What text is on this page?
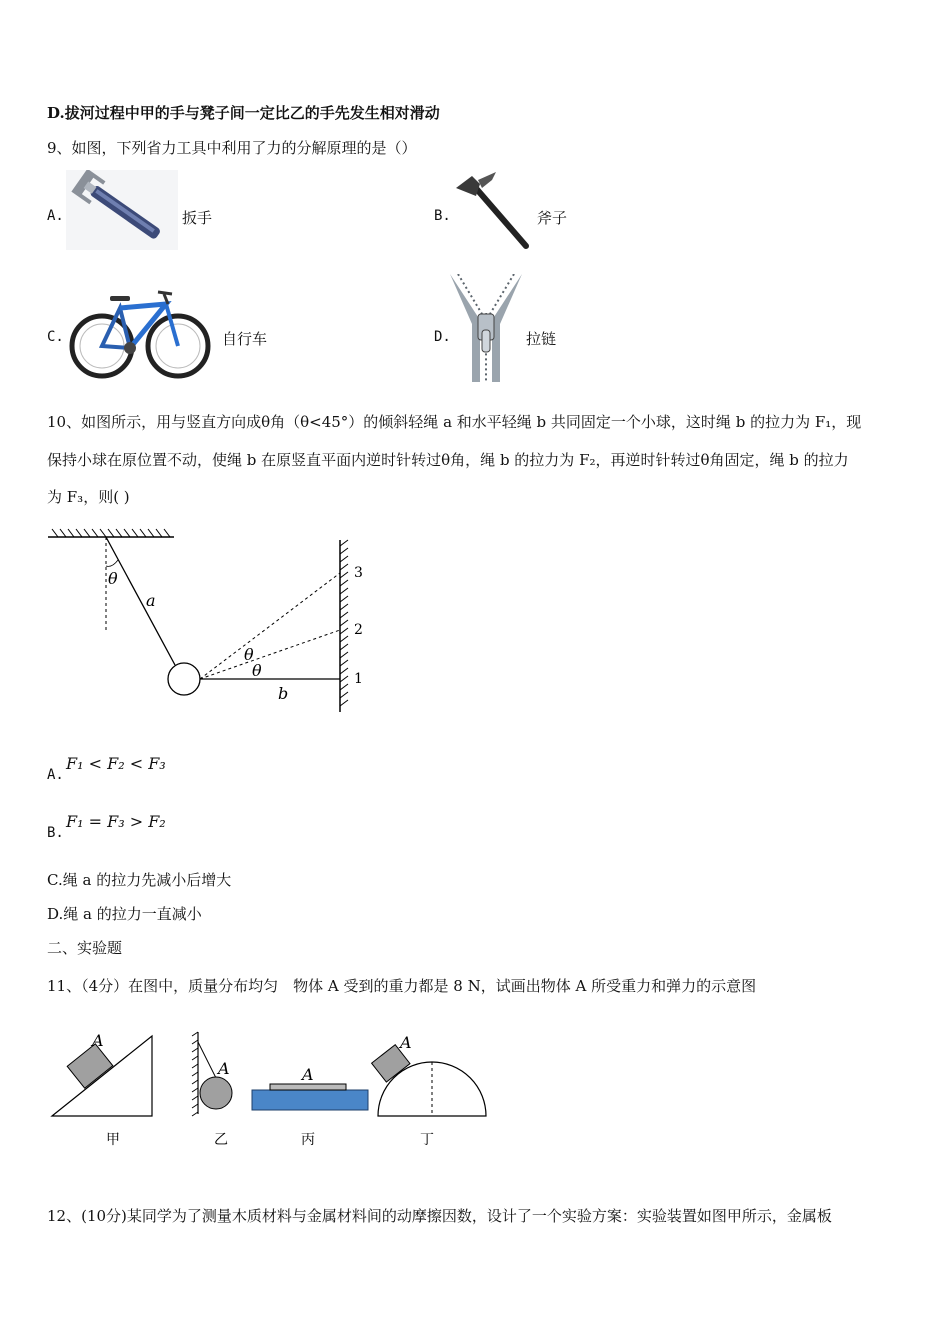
D.拔河过程中甲的手与凳子间一定比乙的手先发生相对滑动
9、如图，下列省力工具中利用了力的分解原理的是（）
A.	扳手	B.	斧子
C.	自行车	D.	拉链
10、如图所示，用与竖直方向成θ角（θ<45°）的倾斜轻绳 a 和水平轻绳 b 共同固定一个小球，这时绳 b 的拉力为 F₁，现
保持小球在原位置不动，使绳 b 在原竖直平面内逆时针转过θ角，绳 b 的拉力为 F₂，再逆时针转过θ角固定，绳 b 的拉力
为 F₃，则( )
θ
a
θ
θ
b
1
2
3
A.
F₁ < F₂ < F₃
B.
F₁ = F₃ > F₂
C.绳 a 的拉力先减小后增大
D.绳 a 的拉力一直减小
二、实验题
11、（4分）在图中，质量分布均匀　物体 A 受到的重力都是 8 N，试画出物体 A 所受重力和弹力的示意图
A
甲
A
乙
A
丙
A
丁
12、(10分)某同学为了测量木质材料与金属材料间的动摩擦因数，设计了一个实验方案：实验装置如图甲所示，金属板
